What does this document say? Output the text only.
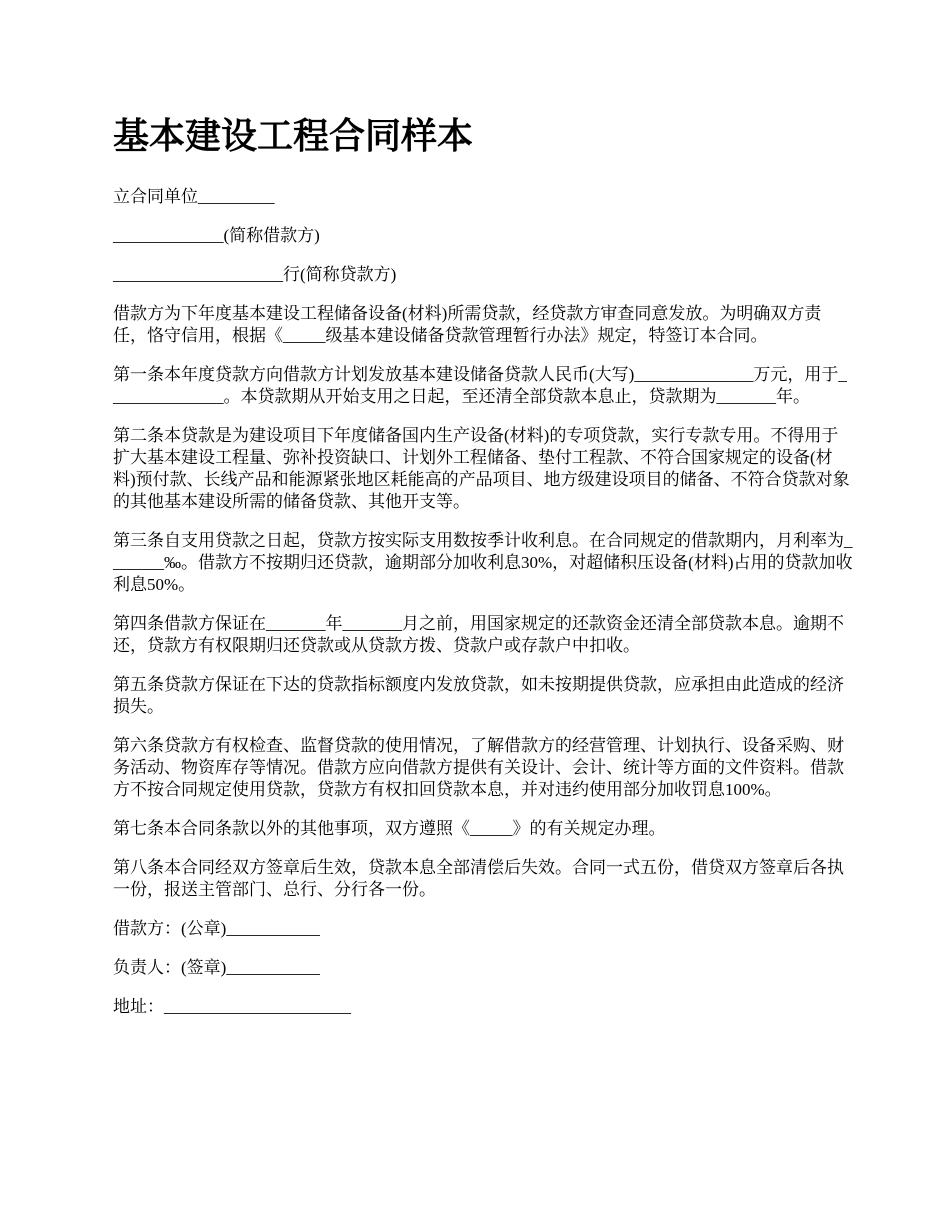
基本建设工程合同样本

立合同单位_________

_____________(简称借款方)

____________________行(简称贷款方)

借款方为下年度基本建设工程储备设备(材料)所需贷款，经贷款方审查同意发放。为明确双方责任，恪守信用，根据《_____级基本建设储备贷款管理暂行办法》规定，特签订本合同。

第一条本年度贷款方向借款方计划发放基本建设储备贷款人民币(大写)______________万元，用于______________。本贷款期从开始支用之日起，至还清全部贷款本息止，贷款期为_______年。

第二条本贷款是为建设项目下年度储备国内生产设备(材料)的专项贷款，实行专款专用。不得用于扩大基本建设工程量、弥补投资缺口、计划外工程储备、垫付工程款、不符合国家规定的设备(材料)预付款、长线产品和能源紧张地区耗能高的产品项目、地方级建设项目的储备、不符合贷款对象的其他基本建设所需的储备贷款、其他开支等。

第三条自支用贷款之日起，贷款方按实际支用数按季计收利息。在合同规定的借款期内，月利率为_______‰。借款方不按期归还贷款，逾期部分加收利息30%，对超储积压设备(材料)占用的贷款加收利息50%。

第四条借款方保证在_______年_______月之前，用国家规定的还款资金还清全部贷款本息。逾期不还，贷款方有权限期归还贷款或从贷款方拨、贷款户或存款户中扣收。

第五条贷款方保证在下达的贷款指标额度内发放贷款，如未按期提供贷款，应承担由此造成的经济损失。

第六条贷款方有权检查、监督贷款的使用情况，了解借款方的经营管理、计划执行、设备采购、财务活动、物资库存等情况。借款方应向借款方提供有关设计、会计、统计等方面的文件资料。借款方不按合同规定使用贷款，贷款方有权扣回贷款本息，并对违约使用部分加收罚息100%。

第七条本合同条款以外的其他事项，双方遵照《_____》的有关规定办理。

第八条本合同经双方签章后生效，贷款本息全部清偿后失效。合同一式五份，借贷双方签章后各执一份，报送主管部门、总行、分行各一份。

借款方：(公章)___________

负责人：(签章)___________

地址：______________________
